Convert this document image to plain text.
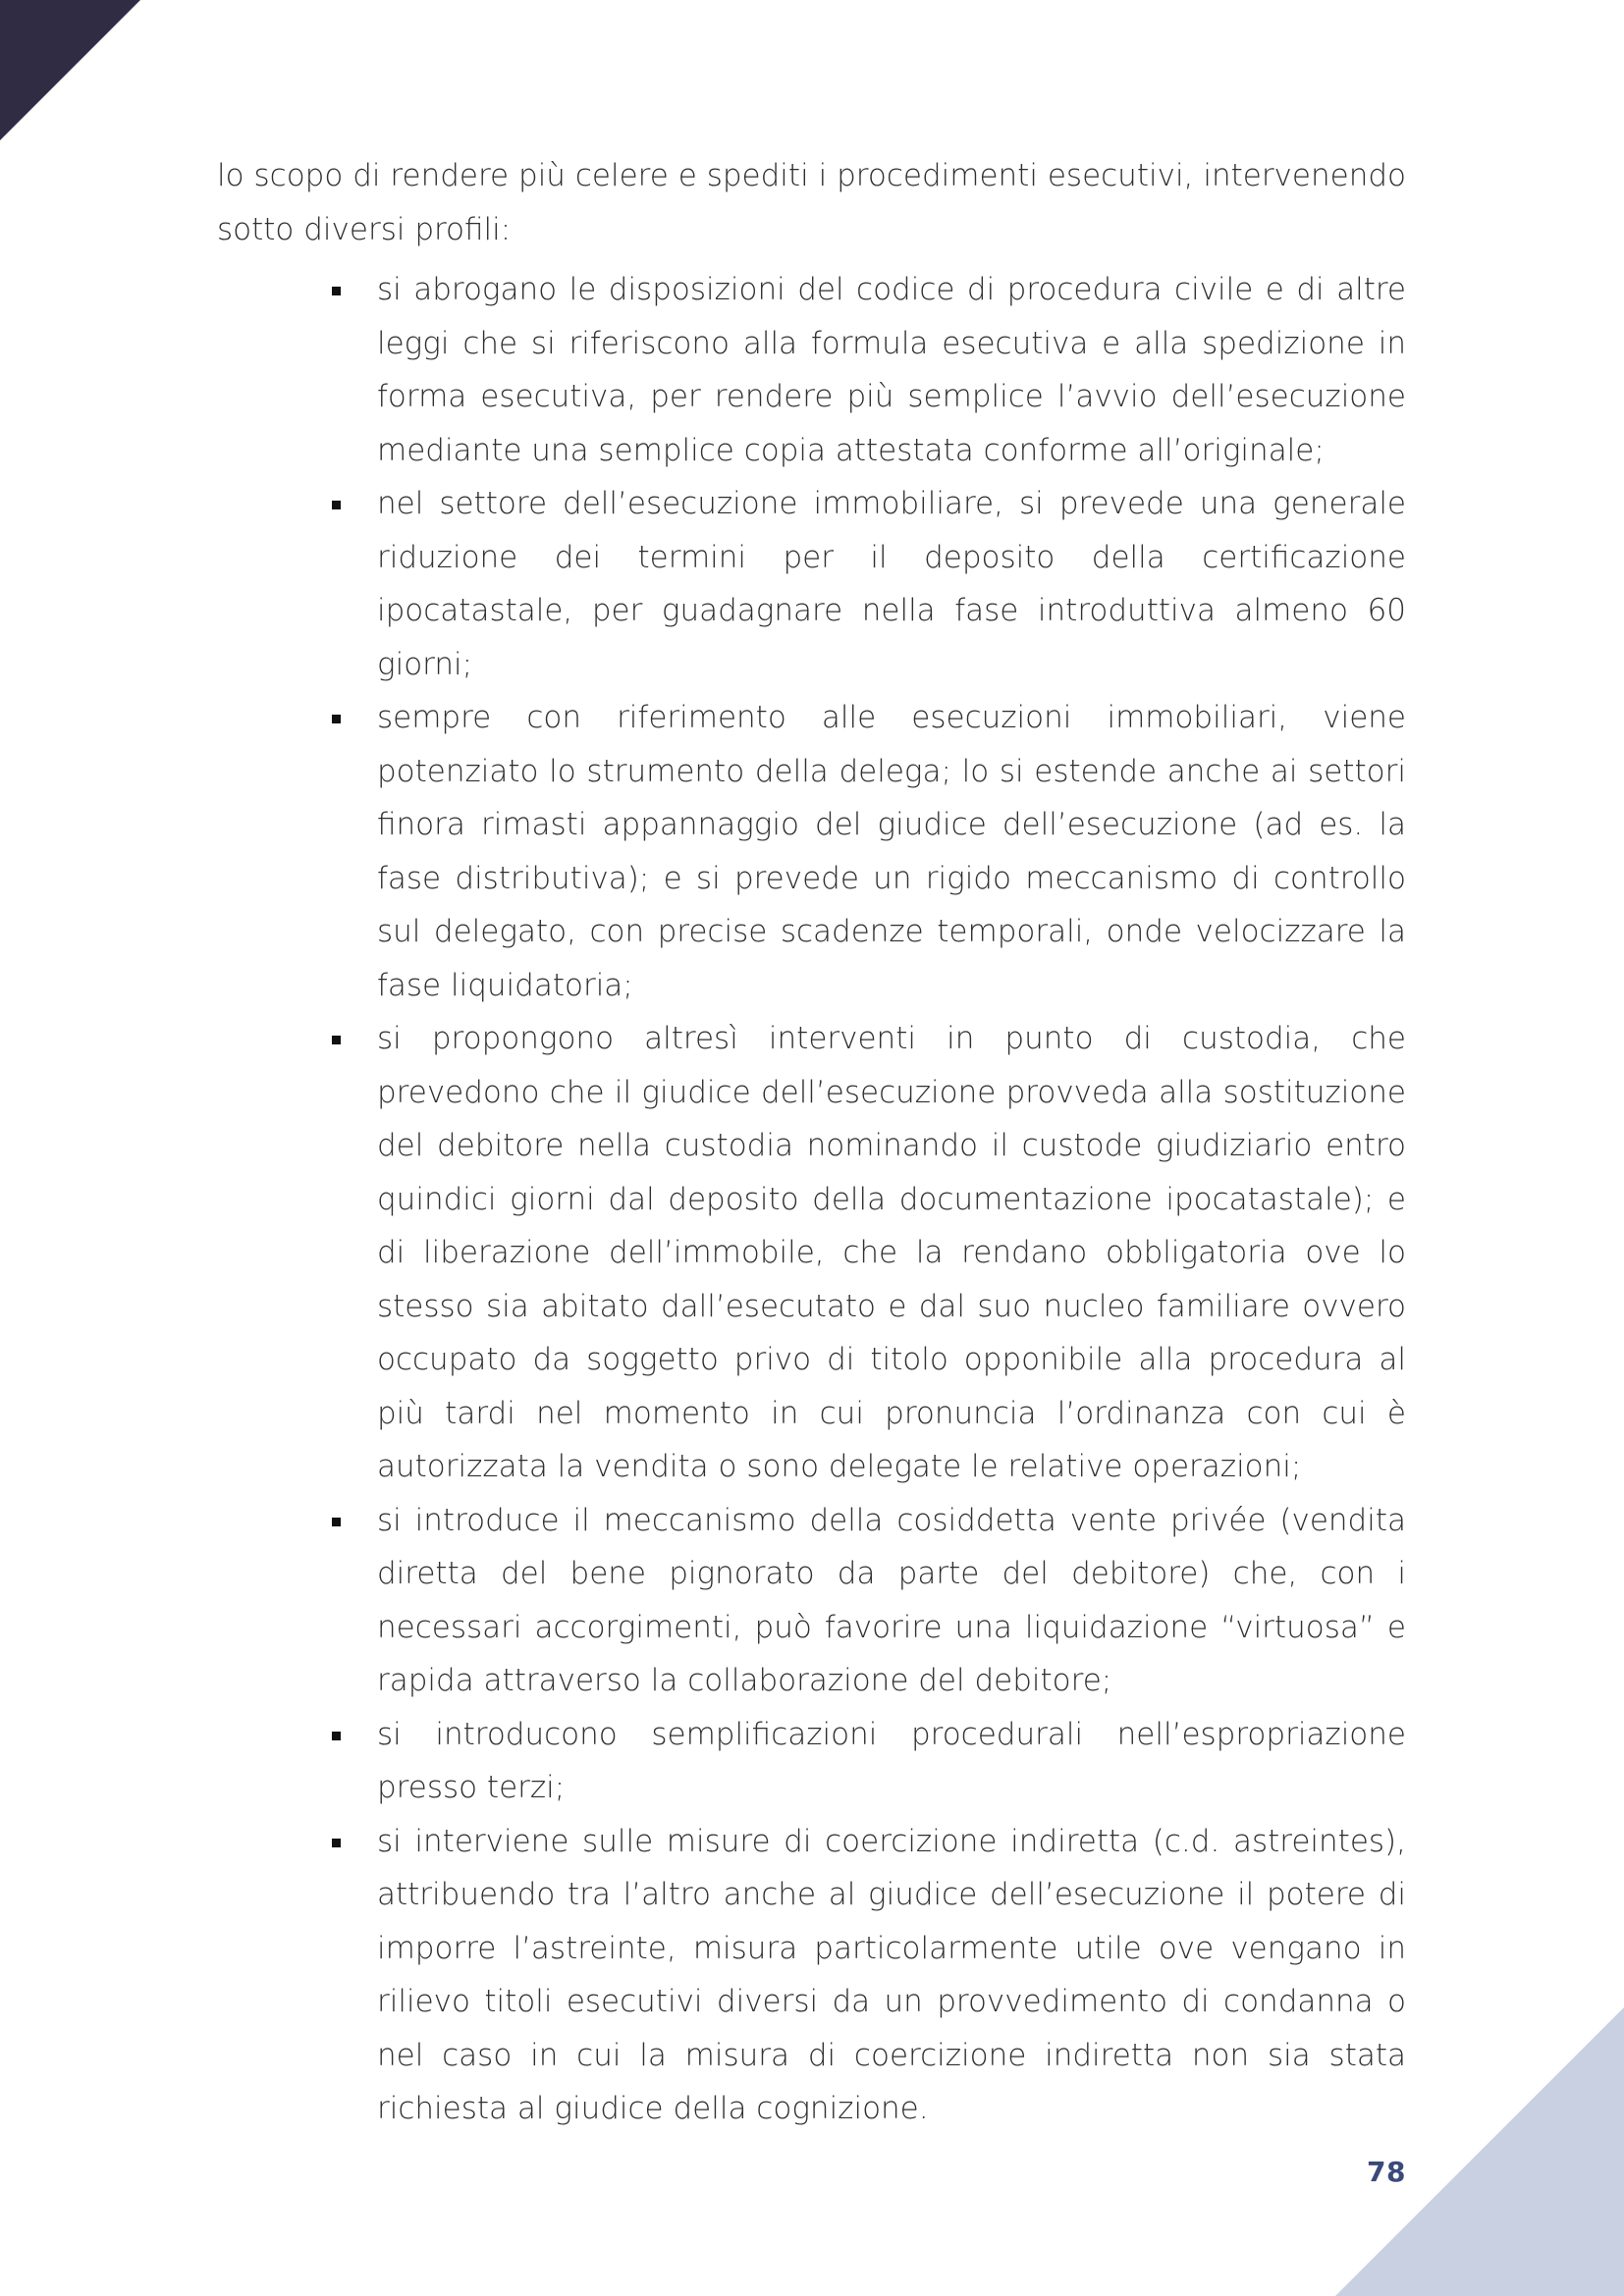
lo scopo di rendere più celere e spediti i procedimenti esecutivi, intervenendo sotto diversi profili:

si abrogano le disposizioni del codice di procedura civile e di altre leggi che si riferiscono alla formula esecutiva e alla spedizione in forma esecutiva, per rendere più semplice l’avvio dell’esecuzione mediante una semplice copia attestata conforme all’originale;
nel settore dell’esecuzione immobiliare, si prevede una generale riduzione dei termini per il deposito della certificazione ipocatastale, per guadagnare nella fase introduttiva almeno 60 giorni;
sempre con riferimento alle esecuzioni immobiliari, viene potenziato lo strumento della delega; lo si estende anche ai settori finora rimasti appannaggio del giudice dell’esecuzione (ad es. la fase distributiva); e si prevede un rigido meccanismo di controllo sul delegato, con precise scadenze temporali, onde velocizzare la fase liquidatoria;
si propongono altresì interventi in punto di custodia, che prevedono che il giudice dell’esecuzione provveda alla sostituzione del debitore nella custodia nominando il custode giudiziario entro quindici giorni dal deposito della documentazione ipocatastale); e di liberazione dell’immobile, che la rendano obbligatoria ove lo stesso sia abitato dall’esecutato e dal suo nucleo familiare ovvero occupato da soggetto privo di titolo opponibile alla procedura al più tardi nel momento in cui pronuncia l’ordinanza con cui è autorizzata la vendita o sono delegate le relative operazioni;
si introduce il meccanismo della cosiddetta vente privée (vendita diretta del bene pignorato da parte del debitore) che, con i necessari accorgimenti, può favorire una liquidazione “virtuosa” e rapida attraverso la collaborazione del debitore;
si introducono semplificazioni procedurali nell’espropriazione presso terzi;
si interviene sulle misure di coercizione indiretta (c.d. astreintes), attribuendo tra l’altro anche al giudice dell’esecuzione il potere di imporre l’astreinte, misura particolarmente utile ove vengano in rilievo titoli esecutivi diversi da un provvedimento di condanna o nel caso in cui la misura di coercizione indiretta non sia stata richiesta al giudice della cognizione.
78
